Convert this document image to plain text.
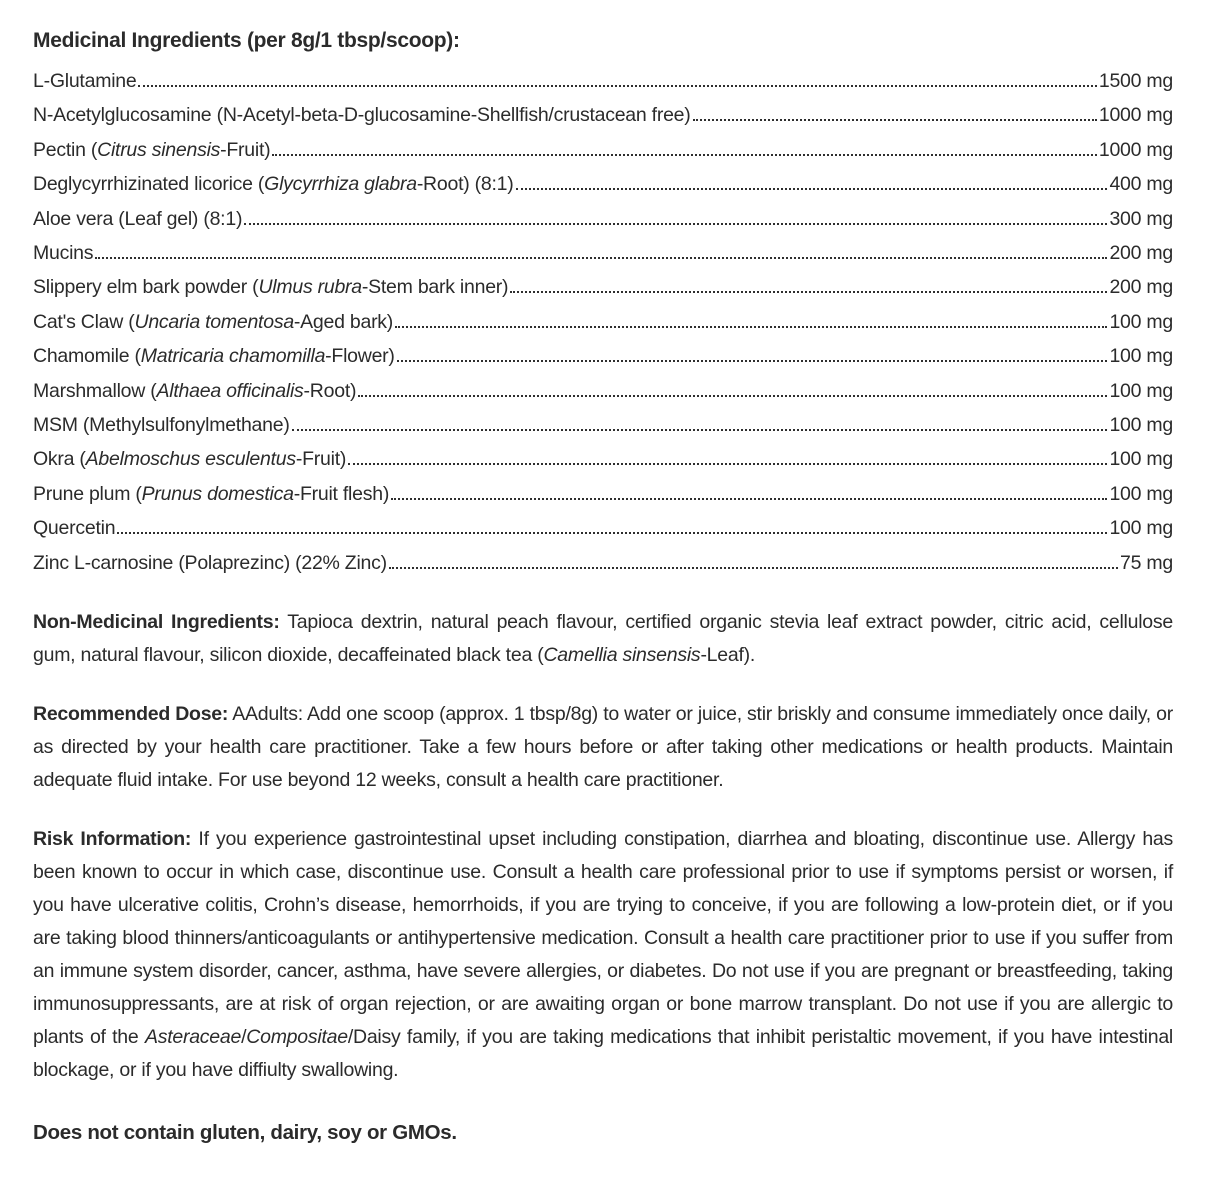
Medicinal Ingredients (per 8g/1 tbsp/scoop):
L-Glutamine	1500 mg
N-Acetylglucosamine (N-Acetyl-beta-D-glucosamine-Shellfish/crustacean free)	1000 mg
Pectin (Citrus sinensis-Fruit)	1000 mg
Deglycyrrhizinated licorice (Glycyrrhiza glabra-Root) (8:1)	400 mg
Aloe vera (Leaf gel) (8:1)	300 mg
Mucins	200 mg
Slippery elm bark powder (Ulmus rubra-Stem bark inner)	200 mg
Cat's Claw (Uncaria tomentosa-Aged bark)	100 mg
Chamomile (Matricaria chamomilla-Flower)	100 mg
Marshmallow (Althaea officinalis-Root)	100 mg
MSM (Methylsulfonylmethane)	100 mg
Okra (Abelmoschus esculentus-Fruit)	100 mg
Prune plum (Prunus domestica-Fruit flesh)	100 mg
Quercetin	100 mg
Zinc L-carnosine (Polaprezinc) (22% Zinc)	75 mg

Non-Medicinal Ingredients: Tapioca dextrin, natural peach flavour, certified organic stevia leaf extract powder, citric acid, cellulose gum, natural flavour, silicon dioxide, decaffeinated black tea (Camellia sinsensis-Leaf).

Recommended Dose: AAdults: Add one scoop (approx. 1 tbsp/8g) to water or juice, stir briskly and consume immediately once daily, or as directed by your health care practitioner. Take a few hours before or after taking other medications or health products. Maintain adequate fluid intake. For use beyond 12 weeks, consult a health care practitioner.

Risk Information: If you experience gastrointestinal upset including constipation, diarrhea and bloating, discontinue use. Allergy has been known to occur in which case, discontinue use. Consult a health care professional prior to use if symptoms persist or worsen, if you have ulcerative colitis, Crohn’s disease, hemorrhoids, if you are trying to conceive, if you are following a low-protein diet, or if you are taking blood thinners/anticoagulants or antihypertensive medication. Consult a health care practitioner prior to use if you suffer from an immune system disorder, cancer, asthma, have severe allergies, or diabetes. Do not use if you are pregnant or breastfeeding, taking immunosuppressants, are at risk of organ rejection, or are awaiting organ or bone marrow transplant. Do not use if you are allergic to plants of the Asteraceae/Compositae/Daisy family, if you are taking medications that inhibit peristaltic movement, if you have intestinal blockage, or if you have diffiulty swallowing.

Does not contain gluten, dairy, soy or GMOs.
